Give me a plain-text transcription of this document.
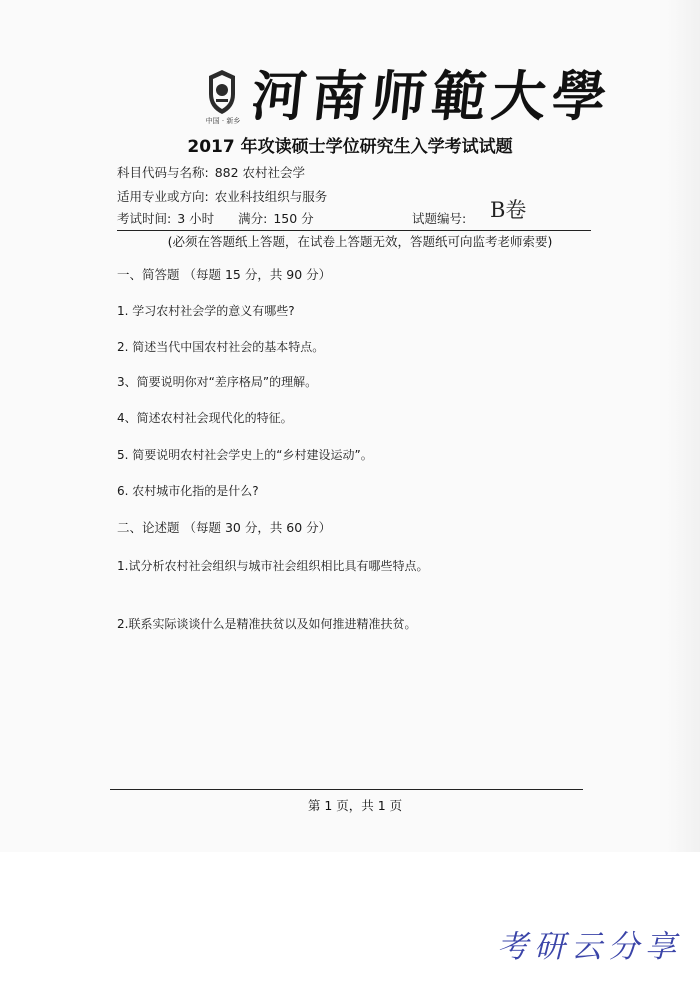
中国 · 新乡 河南师範大學
2017 年攻读硕士学位研究生入学考试试题
科目代码与名称: 882 农村社会学
适用专业或方向: 农业科技组织与服务
考试时间: 3 小时 满分: 150 分	试题编号: B卷
(必须在答题纸上答题，在试卷上答题无效，答题纸可向监考老师索要)
一、简答题 （每题 15 分，共 90 分）
1. 学习农村社会学的意义有哪些?
2. 简述当代中国农村社会的基本特点。
3、简要说明你对“差序格局”的理解。
4、简述农村社会现代化的特征。
5. 简要说明农村社会学史上的“乡村建设运动”。
6. 农村城市化指的是什么?
二、论述题 （每题 30 分，共 60 分）
1.试分析农村社会组织与城市社会组织相比具有哪些特点。
2.联系实际谈谈什么是精准扶贫以及如何推进精准扶贫。
第 1 页，共 1 页
考研云分享
